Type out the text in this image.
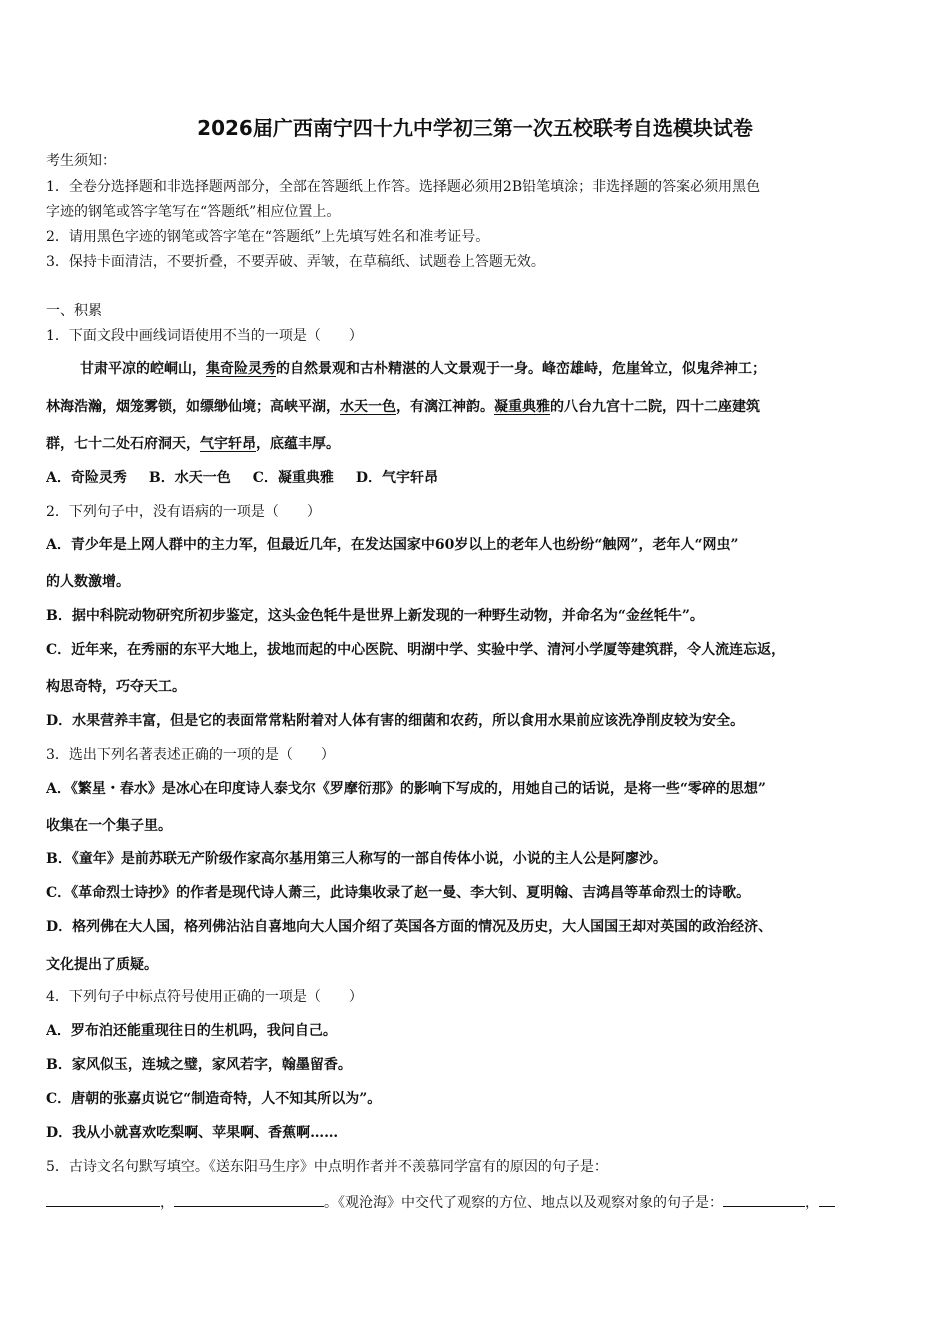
2026届广西南宁四十九中学初三第一次五校联考自选模块试卷
考生须知：
1．全卷分选择题和非选择题两部分，全部在答题纸上作答。选择题必须用2B铅笔填涂；非选择题的答案必须用黑色
字迹的钢笔或答字笔写在“答题纸”相应位置上。
2．请用黑色字迹的钢笔或答字笔在“答题纸”上先填写姓名和准考证号。
3．保持卡面清洁，不要折叠，不要弄破、弄皱，在草稿纸、试题卷上答题无效。
一、积累
1．下面文段中画线词语使用不当的一项是（　　）
甘肃平凉的崆峒山，集奇险灵秀的自然景观和古朴精湛的人文景观于一身。峰峦雄峙，危崖耸立，似鬼斧神工；
林海浩瀚，烟笼雾锁，如缥缈仙境；高峡平湖，水天一色，有漓江神韵。凝重典雅的八台九宫十二院，四十二座建筑
群，七十二处石府洞天，气宇轩昂，底蕴丰厚。
A．奇险灵秀 B．水天一色 C．凝重典雅 D．气宇轩昂
2．下列句子中，没有语病的一项是（　　）
A．青少年是上网人群中的主力军，但最近几年，在发达国家中60岁以上的老年人也纷纷“触网”，老年人“网虫”
的人数激增。
B．据中科院动物研究所初步鉴定，这头金色牦牛是世界上新发现的一种野生动物，并命名为“金丝牦牛”。
C．近年来，在秀丽的东平大地上，拔地而起的中心医院、明湖中学、实验中学、清河小学厦等建筑群，令人流连忘返，
构思奇特，巧夺天工。
D．水果营养丰富，但是它的表面常常粘附着对人体有害的细菌和农药，所以食用水果前应该洗净削皮较为安全。
3．选出下列名著表述正确的一项的是（　　）
A．《繁星・春水》是冰心在印度诗人泰戈尔《罗摩衍那》的影响下写成的，用她自己的话说，是将一些“零碎的思想”
收集在一个集子里。
B．《童年》是前苏联无产阶级作家高尔基用第三人称写的一部自传体小说，小说的主人公是阿廖沙。
C．《革命烈士诗抄》的作者是现代诗人萧三，此诗集收录了赵一曼、李大钊、夏明翰、吉鸿昌等革命烈士的诗歌。
D．格列佛在大人国，格列佛沾沾自喜地向大人国介绍了英国各方面的情况及历史，大人国国王却对英国的政治经济、
文化提出了质疑。
4．下列句子中标点符号使用正确的一项是（　　）
A．罗布泊还能重现往日的生机吗，我问自己。
B．家风似玉，连城之璧，家风若字，翰墨留香。
C．唐朝的张嘉贞说它“制造奇特，人不知其所以为”。
D．我从小就喜欢吃梨啊、苹果啊、香蕉啊……
5．古诗文名句默写填空。《送东阳马生序》中点明作者并不羡慕同学富有的原因的句子是：
，	。《观沧海》中交代了观察的方位、地点以及观察对象的句子是：	，
